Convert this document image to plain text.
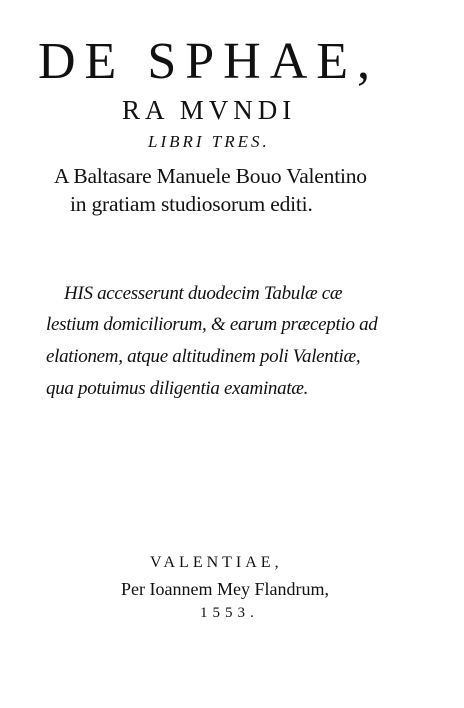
DE SPHAE,
RA MVNDI
LIBRI TRES.
A Baltasare Manuele Bouo Valentino
in gratiam studiosorum editi.
HIS accesserunt duodecim Tabulæ cæ
lestium domiciliorum, & earum præceptio ad
elationem, atque altitudinem poli Valentiæ,
qua potuimus diligentia examinatæ.
VALENTIAE,
Per Ioannem Mey Flandrum,
1553.
